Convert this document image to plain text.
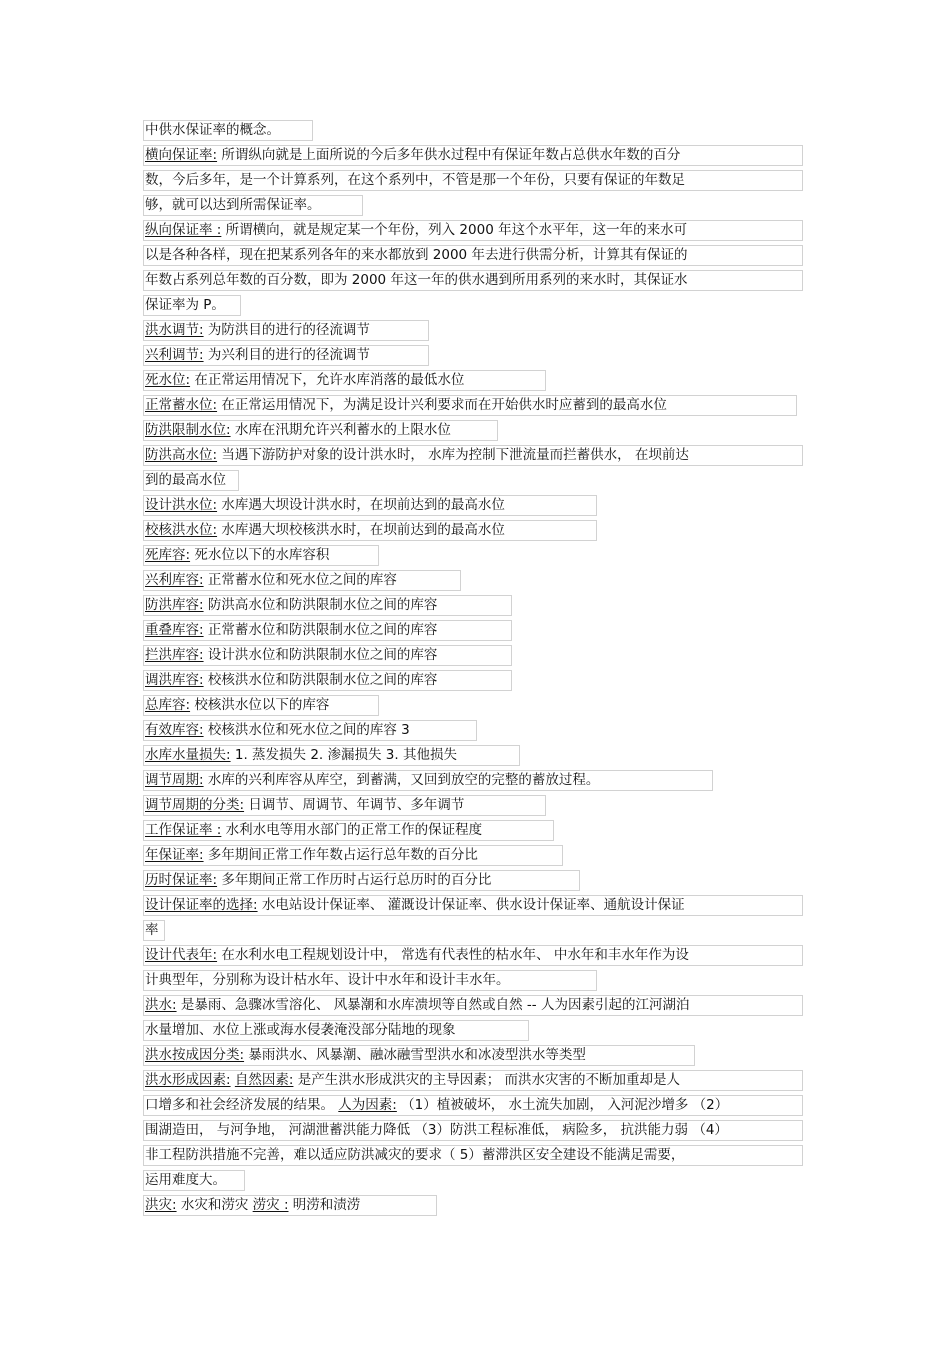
中供水保证率的概念。
横向保证率: 所谓纵向就是上面所说的今后多年供水过程中有保证年数占总供水年数的百分
数，今后多年，是一个计算系列，在这个系列中，不管是那一个年份，只要有保证的年数足
够，就可以达到所需保证率。
纵向保证率 : 所谓横向，就是规定某一个年份，列入 2000 年这个水平年，这一年的来水可
以是各种各样，现在把某系列各年的来水都放到 2000 年去进行供需分析，计算其有保证的
年数占系列总年数的百分数，即为 2000 年这一年的供水遇到所用系列的来水时，其保证水
保证率为 P。
洪水调节: 为防洪目的进行的径流调节
兴利调节: 为兴利目的进行的径流调节
死水位: 在正常运用情况下，允许水库消落的最低水位
正常蓄水位: 在正常运用情况下，为满足设计兴利要求而在开始供水时应蓄到的最高水位
防洪限制水位: 水库在汛期允许兴利蓄水的上限水位
防洪高水位: 当遇下游防护对象的设计洪水时， 水库为控制下泄流量而拦蓄供水， 在坝前达
到的最高水位
设计洪水位: 水库遇大坝设计洪水时，在坝前达到的最高水位
校核洪水位: 水库遇大坝校核洪水时，在坝前达到的最高水位
死库容: 死水位以下的水库容积
兴利库容: 正常蓄水位和死水位之间的库容
防洪库容: 防洪高水位和防洪限制水位之间的库容
重叠库容: 正常蓄水位和防洪限制水位之间的库容
拦洪库容: 设计洪水位和防洪限制水位之间的库容
调洪库容: 校核洪水位和防洪限制水位之间的库容
总库容: 校核洪水位以下的库容
有效库容: 校核洪水位和死水位之间的库容 3
水库水量损失: 1. 蒸发损失 2. 渗漏损失 3. 其他损失
调节周期: 水库的兴利库容从库空，到蓄满，又回到放空的完整的蓄放过程。
调节周期的分类: 日调节、周调节、年调节、多年调节
工作保证率 : 水利水电等用水部门的正常工作的保证程度
年保证率: 多年期间正常工作年数占运行总年数的百分比
历时保证率: 多年期间正常工作历时占运行总历时的百分比
设计保证率的选择: 水电站设计保证率、 灌溉设计保证率、供水设计保证率、通航设计保证
率
设计代表年: 在水利水电工程规划设计中， 常选有代表性的枯水年、 中水年和丰水年作为设
计典型年，分别称为设计枯水年、设计中水年和设计丰水年。
洪水: 是暴雨、急骤冰雪溶化、 风暴潮和水库溃坝等自然或自然 -- 人为因素引起的江河湖泊
水量增加、水位上涨或海水侵袭淹没部分陆地的现象
洪水按成因分类: 暴雨洪水、风暴潮、融冰融雪型洪水和冰凌型洪水等类型
洪水形成因素: 自然因素: 是产生洪水形成洪灾的主导因素； 而洪水灾害的不断加重却是人
口增多和社会经济发展的结果。 人为因素: （1）植被破坏， 水土流失加剧， 入河泥沙增多 （2）
围湖造田， 与河争地， 河湖泄蓄洪能力降低 （3）防洪工程标准低， 病险多， 抗洪能力弱 （4）
非工程防洪措施不完善，难以适应防洪减灾的要求（ 5）蓄滞洪区安全建设不能满足需要，
运用难度大。
洪灾: 水灾和涝灾 涝灾 : 明涝和渍涝
